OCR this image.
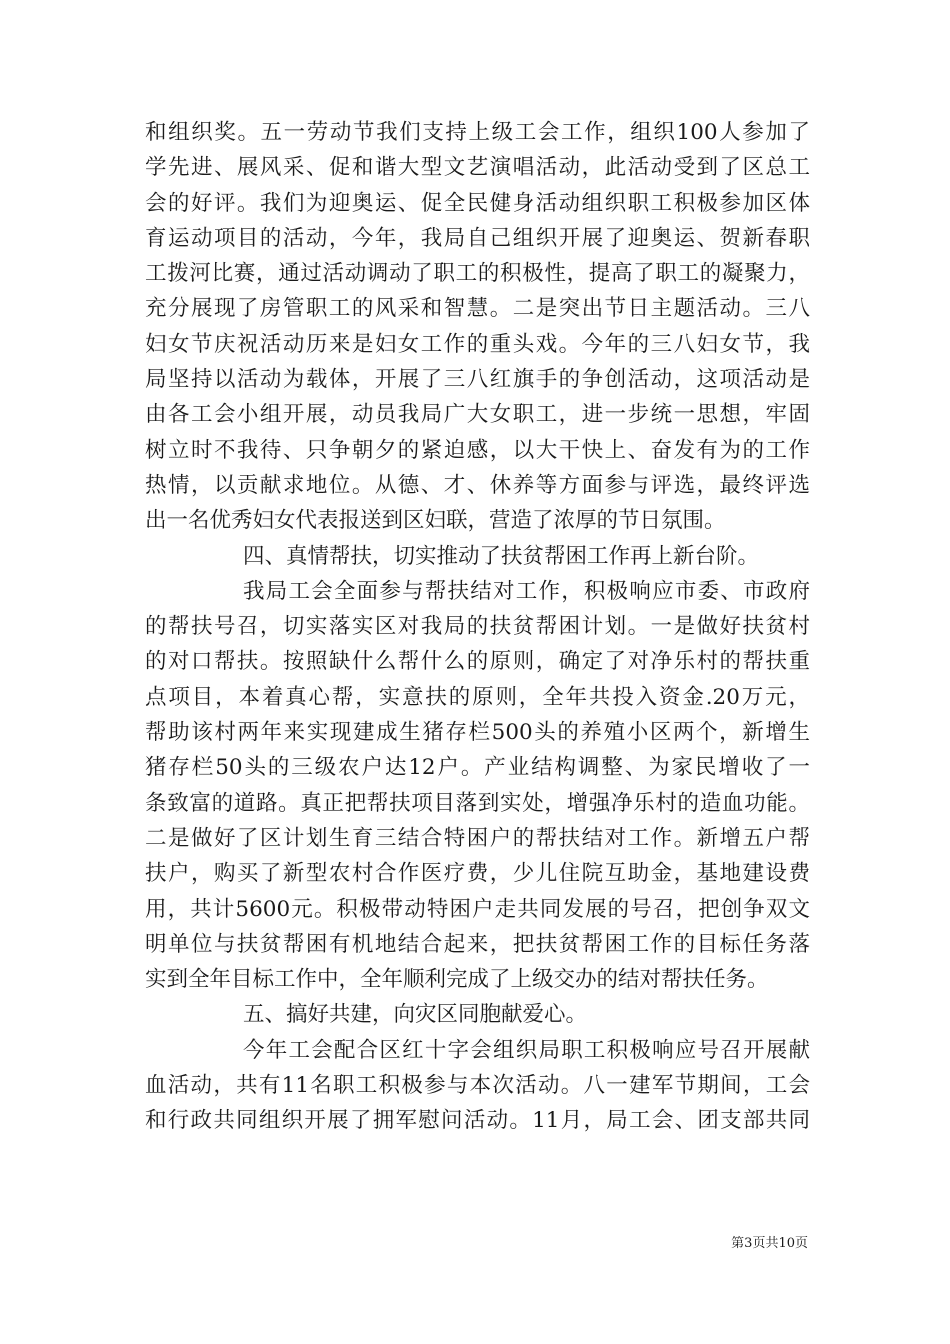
和组织奖。五一劳动节我们支持上级工会工作，组织100人参加了
学先进、展风采、促和谐大型文艺演唱活动，此活动受到了区总工
会的好评。我们为迎奥运、促全民健身活动组织职工积极参加区体
育运动项目的活动，今年，我局自己组织开展了迎奥运、贺新春职
工拨河比赛，通过活动调动了职工的积极性，提高了职工的凝聚力，
充分展现了房管职工的风采和智慧。二是突出节日主题活动。三八
妇女节庆祝活动历来是妇女工作的重头戏。今年的三八妇女节，我
局坚持以活动为载体，开展了三八红旗手的争创活动，这项活动是
由各工会小组开展，动员我局广大女职工，进一步统一思想，牢固
树立时不我待、只争朝夕的紧迫感，以大干快上、奋发有为的工作
热情，以贡献求地位。从德、才、休养等方面参与评选，最终评选
出一名优秀妇女代表报送到区妇联，营造了浓厚的节日氛围。
四、真情帮扶，切实推动了扶贫帮困工作再上新台阶。
我局工会全面参与帮扶结对工作，积极响应市委、市政府
的帮扶号召，切实落实区对我局的扶贫帮困计划。一是做好扶贫村
的对口帮扶。按照缺什么帮什么的原则，确定了对净乐村的帮扶重
点项目，本着真心帮，实意扶的原则，全年共投入资金.20万元，
帮助该村两年来实现建成生猪存栏500头的养殖小区两个，新增生
猪存栏50头的三级农户达12户。产业结构调整、为家民增收了一
条致富的道路。真正把帮扶项目落到实处，增强净乐村的造血功能。
二是做好了区计划生育三结合特困户的帮扶结对工作。新增五户帮
扶户，购买了新型农村合作医疗费，少儿住院互助金，基地建设费
用，共计5600元。积极带动特困户走共同发展的号召，把创争双文
明单位与扶贫帮困有机地结合起来，把扶贫帮困工作的目标任务落
实到全年目标工作中，全年顺利完成了上级交办的结对帮扶任务。
五、搞好共建，向灾区同胞献爱心。
今年工会配合区红十字会组织局职工积极响应号召开展献
血活动，共有11名职工积极参与本次活动。八一建军节期间，工会
和行政共同组织开展了拥军慰问活动。11月，局工会、团支部共同
第3页共10页
